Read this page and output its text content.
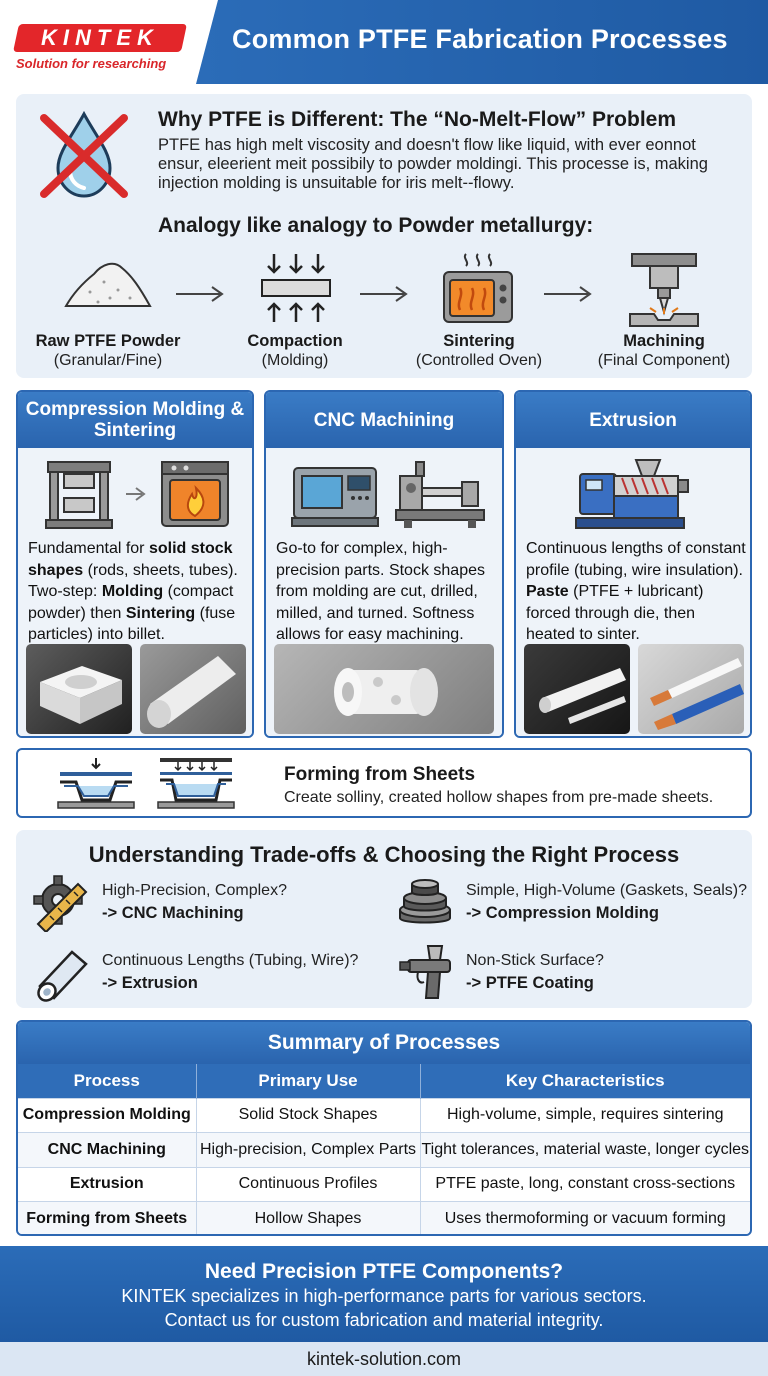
KINTEK
Solution for researching
Common PTFE Fabrication Processes
Why PTFE is Different: The “No-Melt-Flow” Problem
PTFE has high melt viscosity and doesn't flow like liquid, with ever eonnot ensur, eleerient meit possibily to powder moldingi. This processe is, making injection molding is unsuitable for iris melt--flowy.
Analogy like analogy to Powder metallurgy:
Raw PTFE Powder
(Granular/Fine)
Compaction
(Molding)
Sintering
(Controlled Oven)
Machining
(Final Component)
Compression Molding & Sintering
Fundamental for solid stock shapes (rods, sheets, tubes). Two-step: Molding (compact powder) then Sintering (fuse particles) into billet.
CNC Machining
Go-to for complex, high-precision parts. Stock shapes from molding are cut, drilled, milled, and turned. Softness allows for easy machining.
Extrusion
Continuous lengths of constant profile (tubing, wire insulation). Paste (PTFE + lubricant) forced through die, then heated to sinter.
Forming from Sheets
Create solliny, created hollow shapes from pre-made sheets.
Understanding Trade-offs & Choosing the Right Process
High-Precision, Complex?
-> CNC Machining
Simple, High-Volume (Gaskets, Seals)?
-> Compression Molding
Continuous Lengths (Tubing, Wire)?
-> Extrusion
Non-Stick Surface?
-> PTFE Coating
Summary of Processes
Process	Primary Use	Key Characteristics
Compression Molding	Solid Stock Shapes	High-volume, simple, requires sintering
CNC Machining	High-precision, Complex Parts	Tight tolerances, material waste, longer cycles
Extrusion	Continuous Profiles	PTFE paste, long, constant cross-sections
Forming from Sheets	Hollow Shapes	Uses thermoforming or vacuum forming
Need Precision PTFE Components?
KINTEK specializes in high-performance parts for various sectors.
Contact us for custom fabrication and material integrity.
kintek-solution.com
